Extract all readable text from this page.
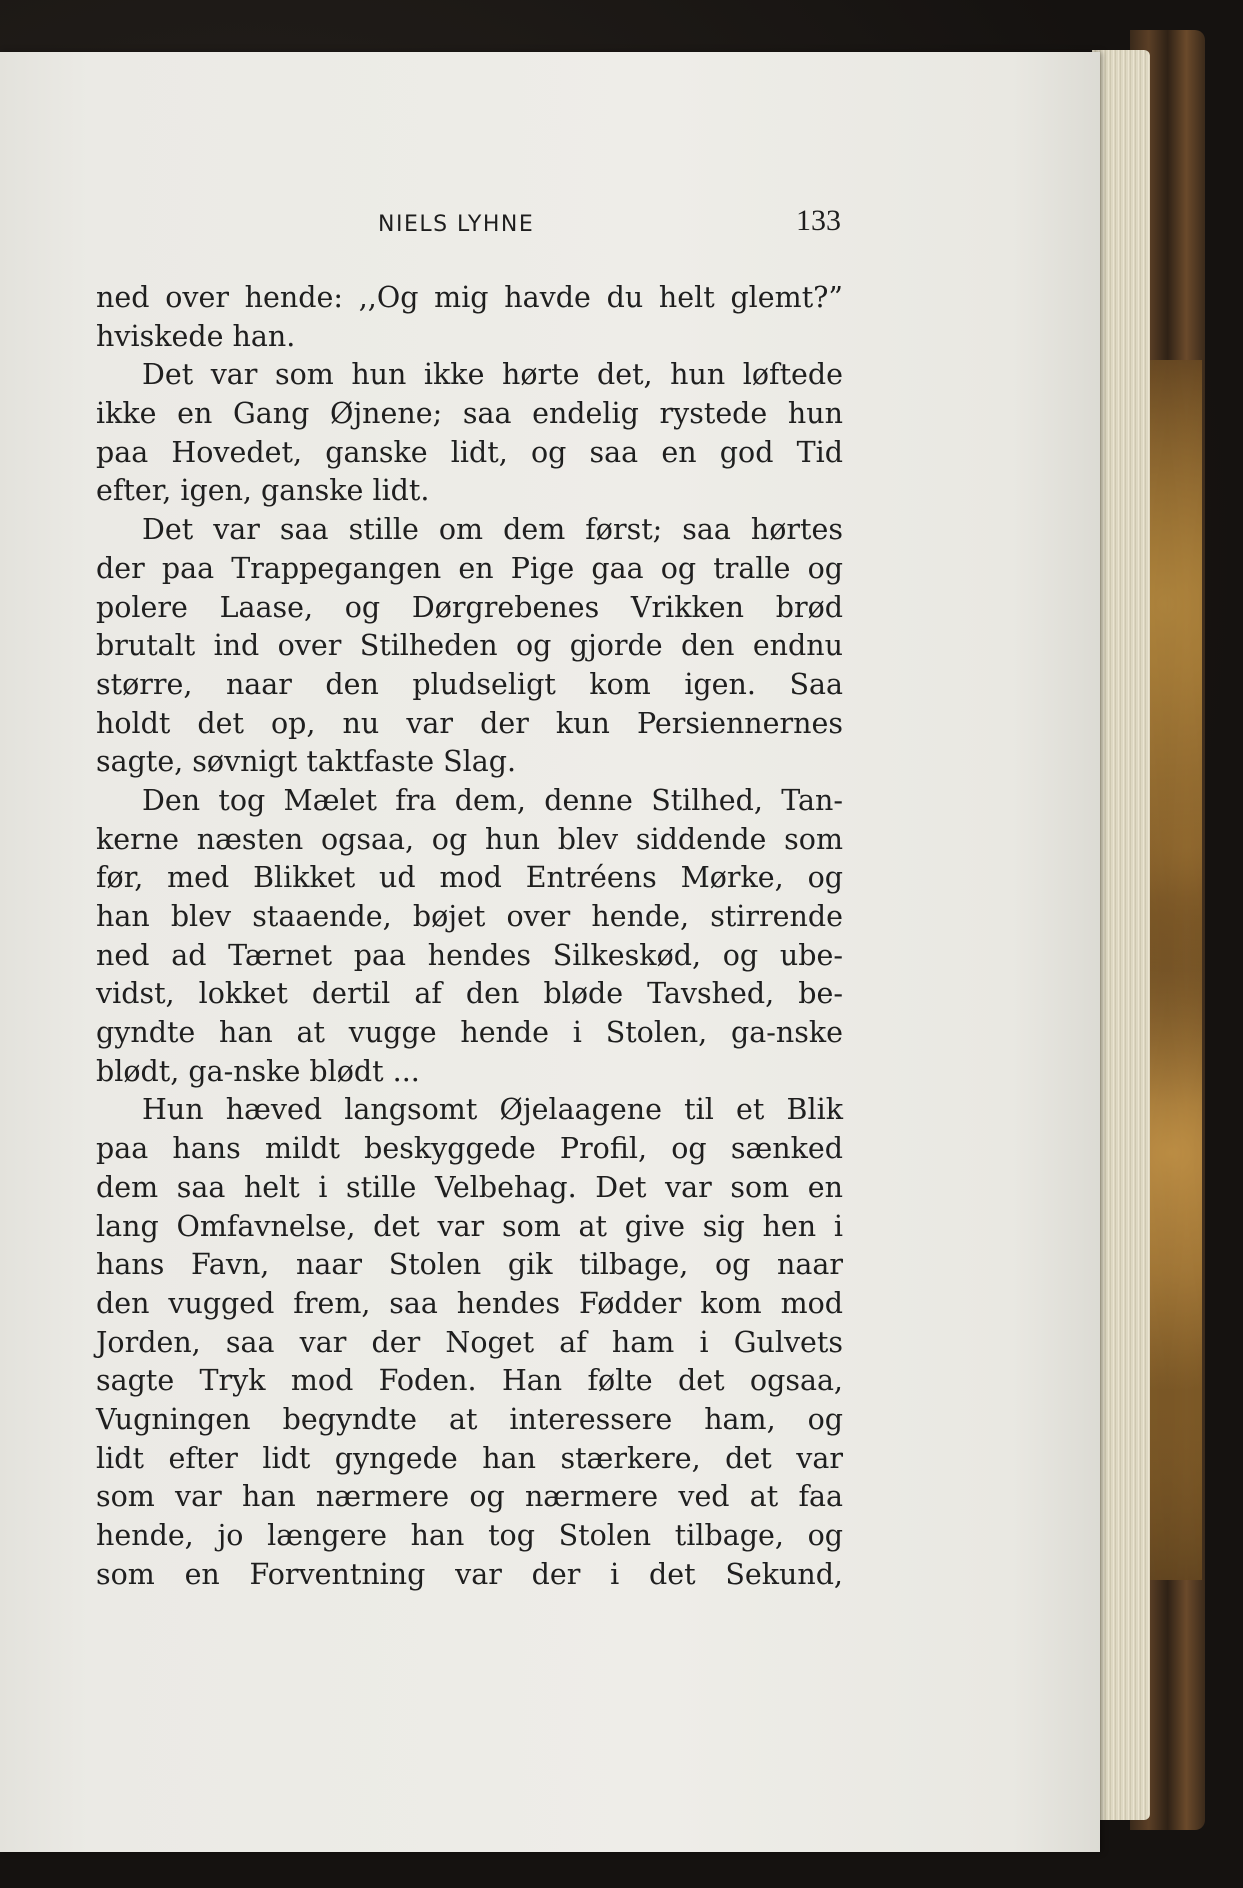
NIELS LYHNE	133
ned over hende: ,,Og mig havde du helt glemt?”
hviskede han.
Det var som hun ikke hørte det, hun løftede
ikke en Gang Øjnene; saa endelig rystede hun
paa Hovedet, ganske lidt, og saa en god Tid
efter, igen, ganske lidt.
Det var saa stille om dem først; saa hørtes
der paa Trappegangen en Pige gaa og tralle og
polere Laase, og Dørgrebenes Vrikken brød
brutalt ind over Stilheden og gjorde den endnu
større, naar den pludseligt kom igen. Saa
holdt det op, nu var der kun Persiennernes
sagte, søvnigt taktfaste Slag.
Den tog Mælet fra dem, denne Stilhed, Tan-
kerne næsten ogsaa, og hun blev siddende som
før, med Blikket ud mod Entréens Mørke, og
han blev staaende, bøjet over hende, stirrende
ned ad Tærnet paa hendes Silkeskød, og ube-
vidst, lokket dertil af den bløde Tavshed, be-
gyndte han at vugge hende i Stolen, ga-nske
blødt, ga-nske blødt ...
Hun hæved langsomt Øjelaagene til et Blik
paa hans mildt beskyggede Profil, og sænked
dem saa helt i stille Velbehag. Det var som en
lang Omfavnelse, det var som at give sig hen i
hans Favn, naar Stolen gik tilbage, og naar
den vugged frem, saa hendes Fødder kom mod
Jorden, saa var der Noget af ham i Gulvets
sagte Tryk mod Foden. Han følte det ogsaa,
Vugningen begyndte at interessere ham, og
lidt efter lidt gyngede han stærkere, det var
som var han nærmere og nærmere ved at faa
hende, jo længere han tog Stolen tilbage, og
som en Forventning var der i det Sekund,
